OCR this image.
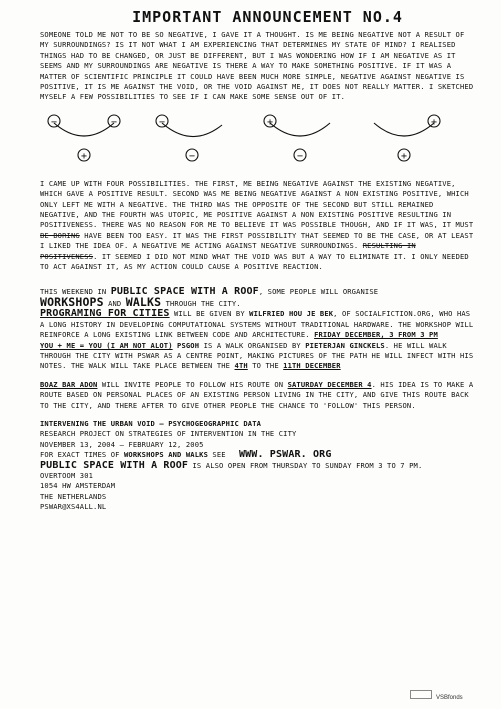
IMPORTANT ANNOUNCEMENT NO.4

SOMEONE TOLD ME NOT TO BE SO NEGATIVE, I GAVE IT A THOUGHT. IS ME BEING NEGATIVE NOT A RESULT OF MY SURROUNDINGS? IS IT NOT WHAT I AM EXPERIENCING THAT DETERMINES MY STATE OF MIND? I REALISED THINGS HAD TO BE CHANGED, OR JUST BE DIFFERENT, BUT I WAS WONDERING HOW IF I AM NEGATIVE AS IT SEEMS AND MY SURROUNDINGS ARE NEGATIVE IS THERE A WAY TO MAKE SOMETHING POSITIVE. IF IT WAS A MATTER OF SCIENTIFIC PRINCIPLE IT COULD HAVE BEEN MUCH MORE SIMPLE, NEGATIVE AGAINST NEGATIVE IS POSITIVE, IT IS ME AGAINST THE VOID, OR THE VOID AGAINST ME, IT DOES NOT REALLY MATTER. I SKETCHED MYSELF A FEW POSSIBILITIES TO SEE IF I CAN MAKE SOME SENSE OUT OF IT.

−	−
+
−
−
+
−
+
+

I CAME UP WITH FOUR POSSIBILITIES. THE FIRST, ME BEING NEGATIVE AGAINST THE EXISTING NEGATIVE, WHICH GAVE A POSITIVE RESULT. SECOND WAS ME BEING NEGATIVE AGAINST A NON EXISTING POSITIVE, WHICH ONLY LEFT ME WITH A NEGATIVE. THE THIRD WAS THE OPPOSITE OF THE SECOND BUT STILL REMAINED NEGATIVE, AND THE FOURTH WAS UTOPIC, ME POSITIVE AGAINST A NON EXISTING POSITIVE RESULTING IN POSITIVENESS. THERE WAS NO REASON FOR ME TO BELIEVE IT WAS POSSIBLE THOUGH, AND IF IT WAS, IT MUST BE BORING HAVE BEEN TOO EASY. IT WAS THE FIRST POSSIBILITY THAT SEEMED TO BE THE CASE, OR AT LEAST I LIKED THE IDEA OF. A NEGATIVE ME ACTING AGAINST NEGATIVE SURROUNDINGS. RESULTING IN POSITIVENESS. IT SEEMED I DID NOT MIND WHAT THE VOID WAS BUT A WAY TO ELIMINATE IT. I ONLY NEEDED TO ACT AGAINST IT, AS MY ACTION COULD CAUSE A POSITIVE REACTION.

THIS WEEKEND IN PUBLIC SPACE WITH A ROOF, SOME PEOPLE WILL ORGANISE
WORKSHOPS AND WALKS THROUGH THE CITY.

PROGRAMING FOR CITIES WILL BE GIVEN BY WILFRIED HOU JE BEK, OF SOCIALFICTION.ORG, WHO HAS A LONG HISTORY IN DEVELOPING COMPUTATIONAL SYSTEMS WITHOUT TRADITIONAL HARDWARE. THE WORKSHOP WILL REINFORCE A LONG EXISTING LINK BETWEEN CODE AND ARCHITECTURE. FRIDAY DECEMBER, 3 FROM 3 PM

YOU + ME = YOU (I AM NOT ALOT) PSGOH IS A WALK ORGANISED BY PIETERJAN GINCKELS. HE WILL WALK THROUGH THE CITY WITH PSWAR AS A CENTRE POINT, MAKING PICTURES OF THE PATH HE WILL INFECT WITH HIS NOTES. THE WALK WILL TAKE PLACE BETWEEN THE 4TH TO THE 11TH DECEMBER

BOAZ BAR ADON WILL INVITE PEOPLE TO FOLLOW HIS ROUTE ON SATURDAY DECEMBER 4. HIS IDEA IS TO MAKE A ROUTE BASED ON PERSONAL PLACES OF AN EXISTING PERSON LIVING IN THE CITY, AND GIVE THIS ROUTE BACK TO THE CITY, AND THERE AFTER TO GIVE OTHER PEOPLE THE CHANCE TO 'FOLLOW' THIS PERSON.

INTERVENING THE URBAN VOID – PSYCHOGEOGRAPHIC DATA
RESEARCH PROJECT ON STRATEGIES OF INTERVENTION IN THE CITY
NOVEMBER 13, 2004 – FEBRUARY 12, 2005

FOR EXACT TIMES OF WORKSHOPS AND WALKS SEE WWW. PSWAR. ORG

PUBLIC SPACE WITH A ROOF IS ALSO OPEN FROM THURSDAY TO SUNDAY FROM 3 TO 7 PM.
OVERTOOM 301
1054 HW AMSTERDAM
THE NETHERLANDS
PSWAR@XS4ALL.NL

VSBfonds
